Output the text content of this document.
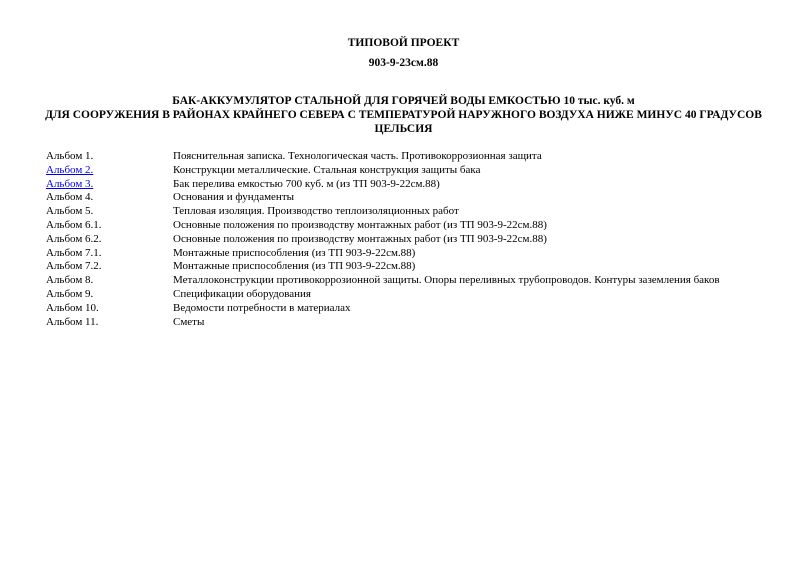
ТИПОВОЙ ПРОЕКТ
903-9-23см.88
БАК-АККУМУЛЯТОР СТАЛЬНОЙ ДЛЯ ГОРЯЧЕЙ ВОДЫ ЕМКОСТЬЮ 10 тыс. куб. м
ДЛЯ СООРУЖЕНИЯ В РАЙОНАХ КРАЙНЕГО СЕВЕРА С ТЕМПЕРАТУРОЙ НАРУЖНОГО ВОЗДУХА НИЖЕ МИНУС 40 ГРАДУСОВ
ЦЕЛЬСИЯ
Альбом 1.	Пояснительная записка. Технологическая часть. Противокоррозионная защита
Альбом 2.	Конструкции металлические. Стальная конструкция защиты бака
Альбом 3.	Бак перелива емкостью 700 куб. м (из ТП 903-9-22см.88)
Альбом 4.	Основания и фундаменты
Альбом 5.	Тепловая изоляция. Производство теплоизоляционных работ
Альбом 6.1.	Основные положения по производству монтажных работ (из ТП 903-9-22см.88)
Альбом 6.2.	Основные положения по производству монтажных работ (из ТП 903-9-22см.88)
Альбом 7.1.	Монтажные приспособления (из ТП 903-9-22см.88)
Альбом 7.2.	Монтажные приспособления (из ТП 903-9-22см.88)
Альбом 8.	Металлоконструкции противокоррозионной защиты. Опоры переливных трубопроводов. Контуры заземления баков
Альбом 9.	Спецификации оборудования
Альбом 10.	Ведомости потребности в материалах
Альбом 11.	Сметы
